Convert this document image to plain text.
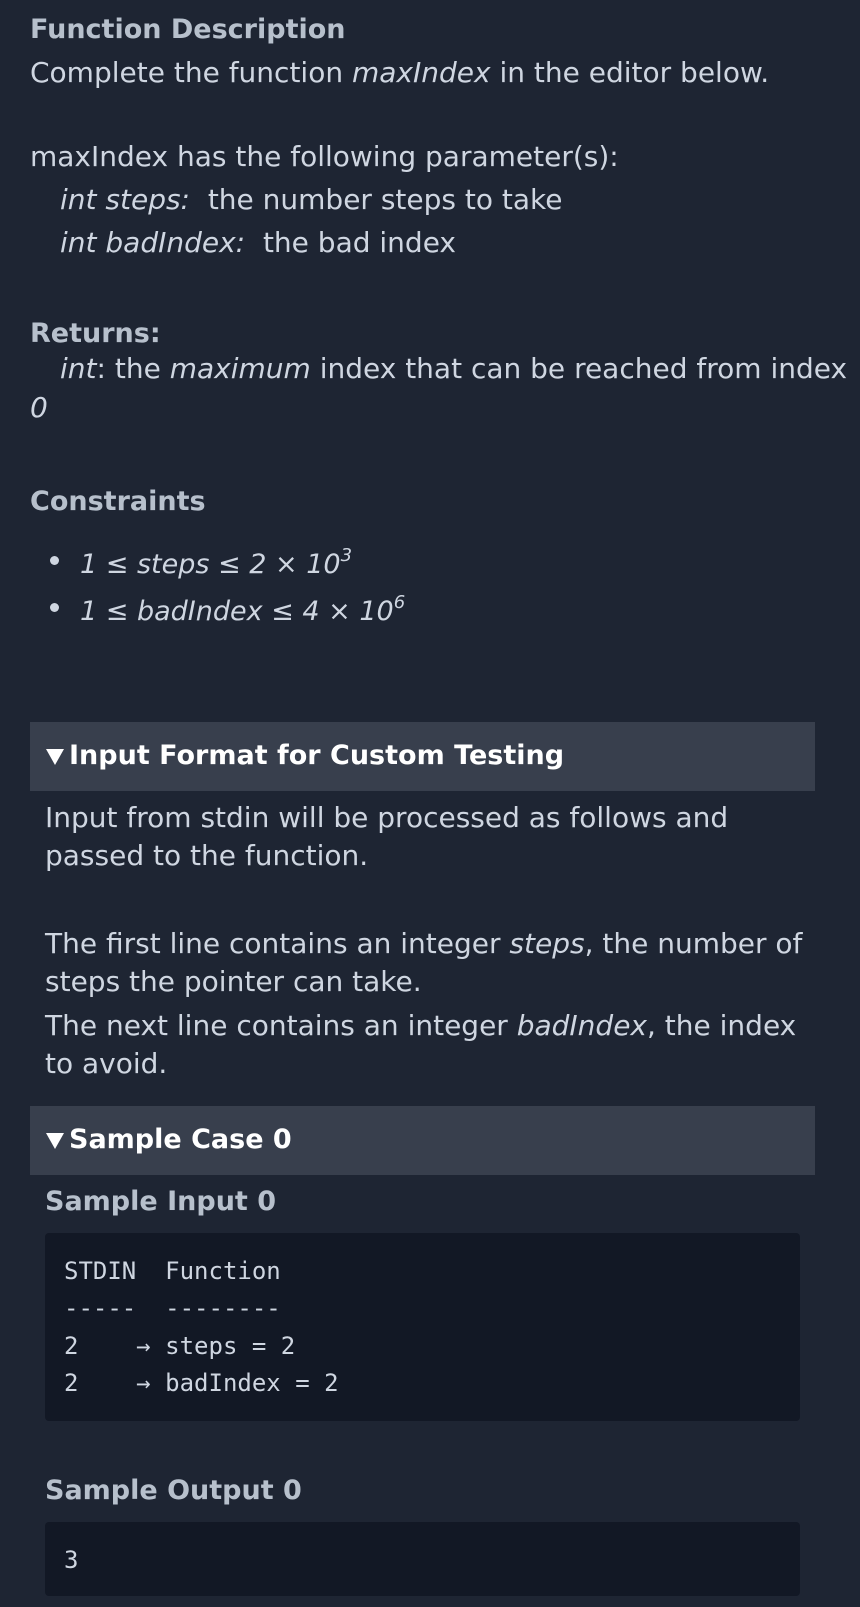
Function Description
Complete the function maxIndex in the editor below.
maxIndex has the following parameter(s):
int steps: the number steps to take
int badIndex: the bad index
Returns:
int: the maximum index that can be reached from index
0
Constraints
1 ≤ steps ≤ $2 \times 10^3$
1 ≤ badIndex ≤ $4 \times 10^6$
Input Format for Custom Testing
Input from stdin will be processed as follows and passed to the function.
The first line contains an integer steps, the number of steps the pointer can take.
The next line contains an integer badIndex, the index to avoid.
Sample Case 0
Sample Input 0
STDIN  Function
-----  --------
2    → steps = 2
2    → badIndex = 2
Sample Output 0
3
